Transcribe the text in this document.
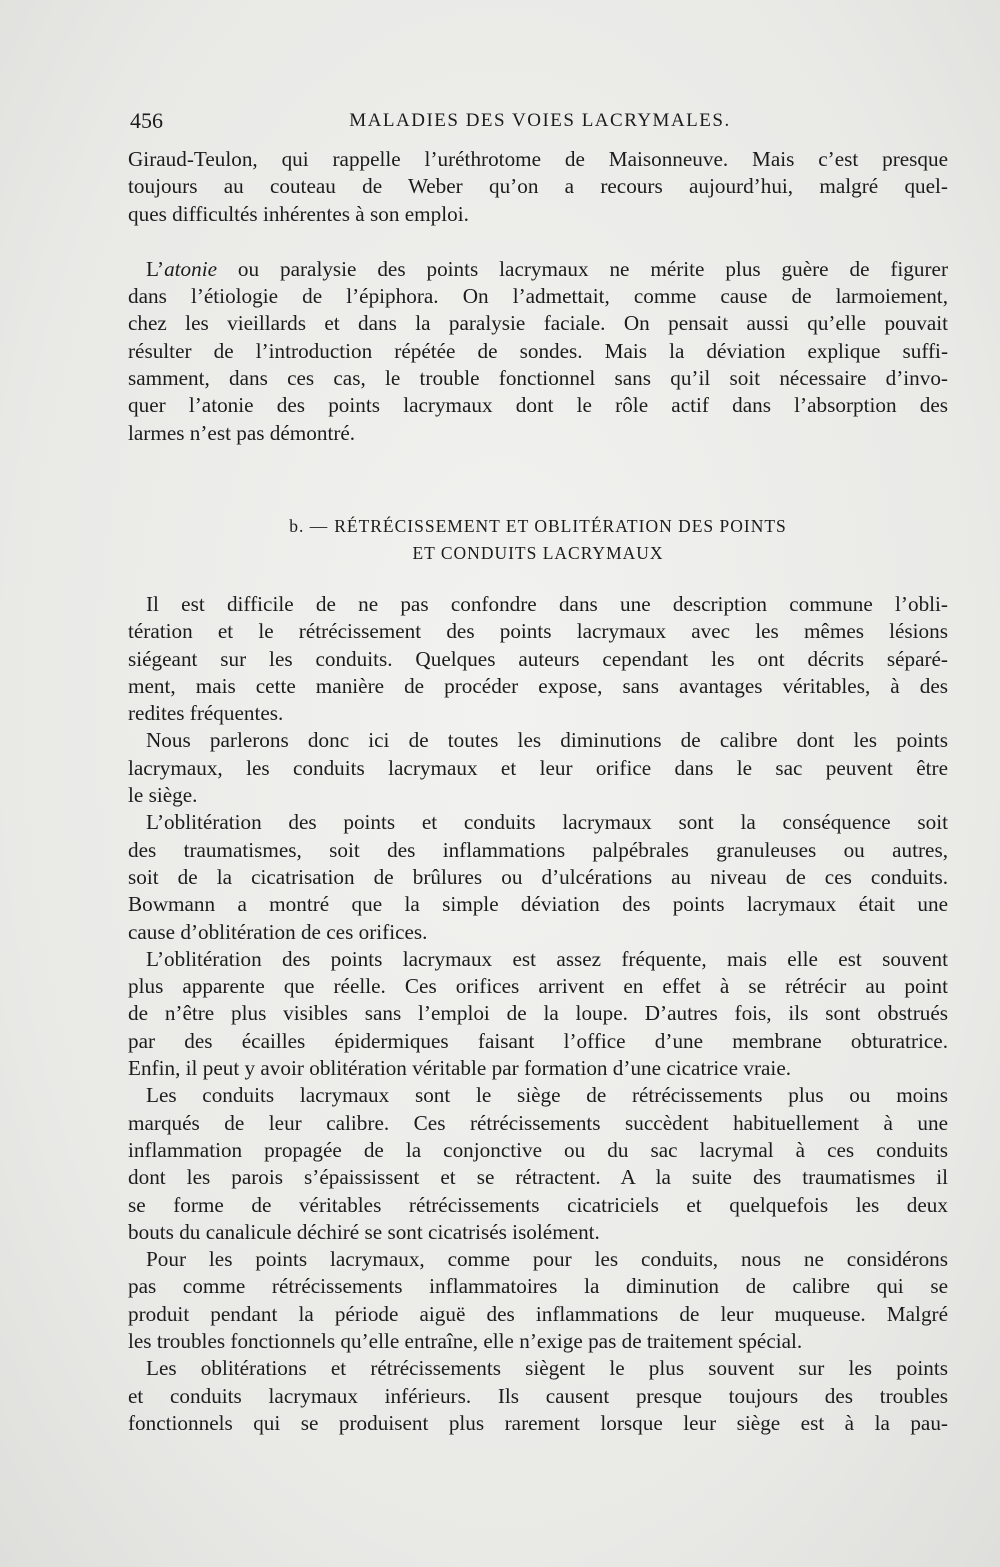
456	MALADIES DES VOIES LACRYMALES.
Giraud-Teulon, qui rappelle l’uréthrotome de Maisonneuve. Mais c’est presque
toujours au couteau de Weber qu’on a recours aujourd’hui, malgré quel-
ques difficultés inhérentes à son emploi.
L’atonie ou paralysie des points lacrymaux ne mérite plus guère de figurer
dans l’étiologie de l’épiphora. On l’admettait, comme cause de larmoiement,
chez les vieillards et dans la paralysie faciale. On pensait aussi qu’elle pouvait
résulter de l’introduction répétée de sondes. Mais la déviation explique suffi-
samment, dans ces cas, le trouble fonctionnel sans qu’il soit nécessaire d’invo-
quer l’atonie des points lacrymaux dont le rôle actif dans l’absorption des
larmes n’est pas démontré.

b. — RÉTRÉCISSEMENT ET OBLITÉRATION DES POINTS

ET CONDUITS LACRYMAUX

Il est difficile de ne pas confondre dans une description commune l’obli-
tération et le rétrécissement des points lacrymaux avec les mêmes lésions
siégeant sur les conduits. Quelques auteurs cependant les ont décrits séparé-
ment, mais cette manière de procéder expose, sans avantages véritables, à des
redites fréquentes.
Nous parlerons donc ici de toutes les diminutions de calibre dont les points
lacrymaux, les conduits lacrymaux et leur orifice dans le sac peuvent être
le siège.
L’oblitération des points et conduits lacrymaux sont la conséquence soit
des traumatismes, soit des inflammations palpébrales granuleuses ou autres,
soit de la cicatrisation de brûlures ou d’ulcérations au niveau de ces conduits.
Bowmann a montré que la simple déviation des points lacrymaux était une
cause d’oblitération de ces orifices.
L’oblitération des points lacrymaux est assez fréquente, mais elle est souvent
plus apparente que réelle. Ces orifices arrivent en effet à se rétrécir au point
de n’être plus visibles sans l’emploi de la loupe. D’autres fois, ils sont obstrués
par des écailles épidermiques faisant l’office d’une membrane obturatrice.
Enfin, il peut y avoir oblitération véritable par formation d’une cicatrice vraie.
Les conduits lacrymaux sont le siège de rétrécissements plus ou moins
marqués de leur calibre. Ces rétrécissements succèdent habituellement à une
inflammation propagée de la conjonctive ou du sac lacrymal à ces conduits
dont les parois s’épaississent et se rétractent. A la suite des traumatismes il
se forme de véritables rétrécissements cicatriciels et quelquefois les deux
bouts du canalicule déchiré se sont cicatrisés isolément.
Pour les points lacrymaux, comme pour les conduits, nous ne considérons
pas comme rétrécissements inflammatoires la diminution de calibre qui se
produit pendant la période aiguë des inflammations de leur muqueuse. Malgré
les troubles fonctionnels qu’elle entraîne, elle n’exige pas de traitement spécial.
Les oblitérations et rétrécissements siègent le plus souvent sur les points
et conduits lacrymaux inférieurs. Ils causent presque toujours des troubles
fonctionnels qui se produisent plus rarement lorsque leur siège est à la pau-
